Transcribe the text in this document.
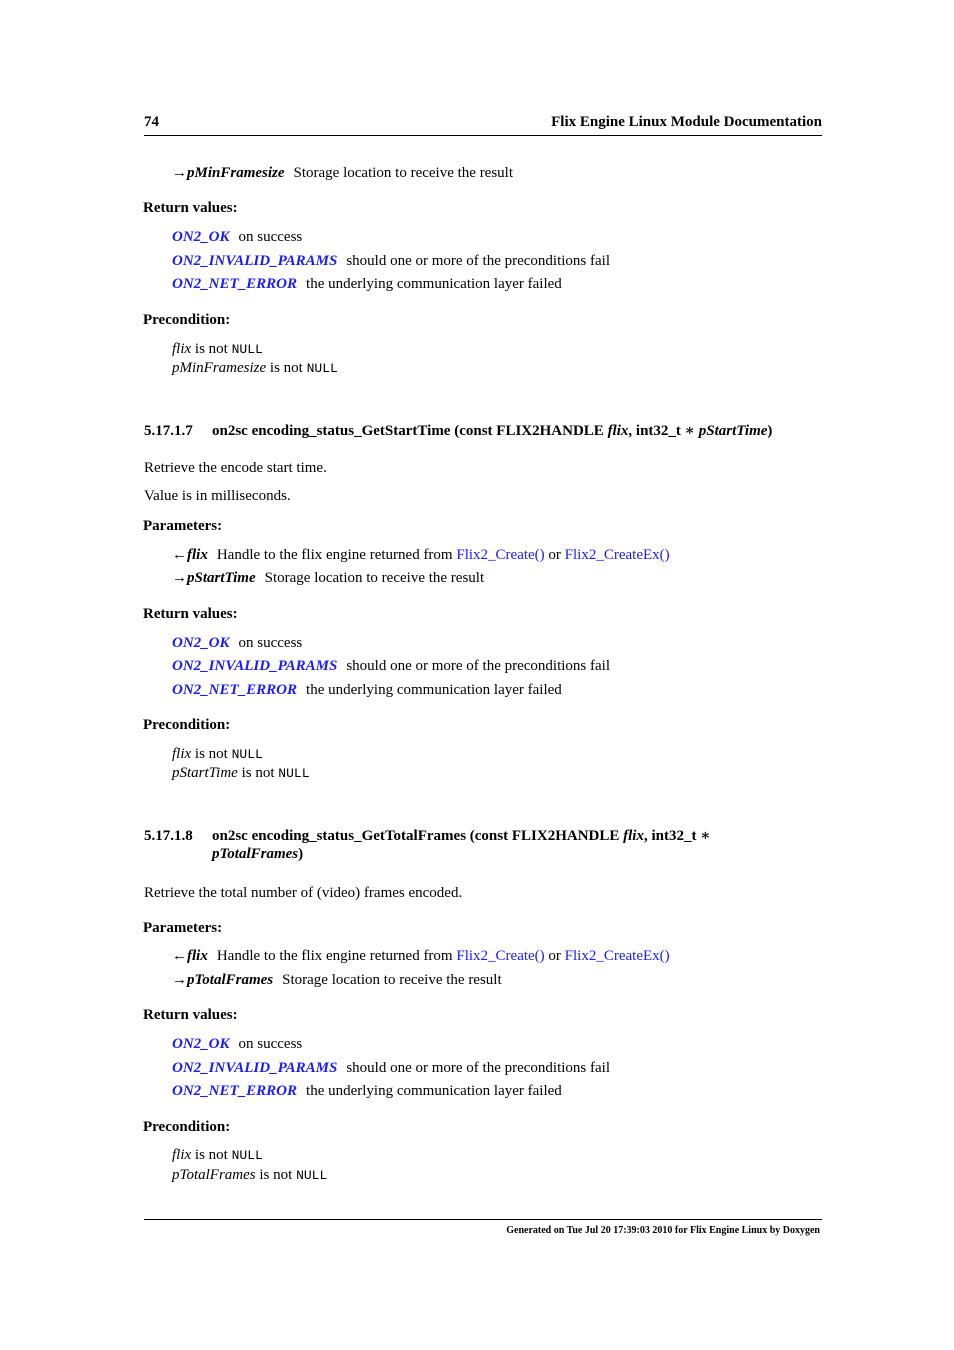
74	Flix Engine Linux Module Documentation
→pMinFramesize Storage location to receive the result
Return values:
ON2_OK on success
ON2_INVALID_PARAMS should one or more of the preconditions fail
ON2_NET_ERROR the underlying communication layer failed
Precondition:
flix is not NULL
pMinFramesize is not NULL
5.17.1.7 on2sc encoding_status_GetStartTime (const FLIX2HANDLE flix, int32_t ∗ pStartTime)
Retrieve the encode start time.
Value is in milliseconds.
Parameters:
←flix Handle to the flix engine returned from Flix2_Create() or Flix2_CreateEx()
→pStartTime Storage location to receive the result
Return values:
ON2_OK on success
ON2_INVALID_PARAMS should one or more of the preconditions fail
ON2_NET_ERROR the underlying communication layer failed
Precondition:
flix is not NULL
pStartTime is not NULL
5.17.1.8 on2sc encoding_status_GetTotalFrames (const FLIX2HANDLE flix, int32_t ∗
pTotalFrames)
Retrieve the total number of (video) frames encoded.
Parameters:
←flix Handle to the flix engine returned from Flix2_Create() or Flix2_CreateEx()
→pTotalFrames Storage location to receive the result
Return values:
ON2_OK on success
ON2_INVALID_PARAMS should one or more of the preconditions fail
ON2_NET_ERROR the underlying communication layer failed
Precondition:
flix is not NULL
pTotalFrames is not NULL
Generated on Tue Jul 20 17:39:03 2010 for Flix Engine Linux by Doxygen
